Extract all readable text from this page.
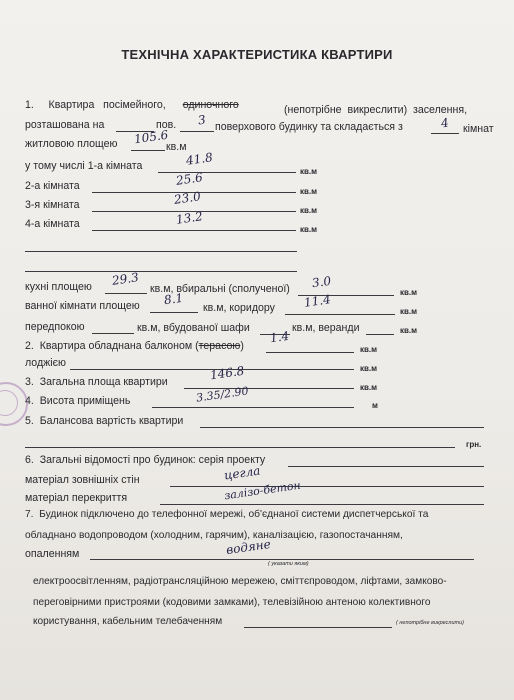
ТЕХНІЧНА ХАРАКТЕРИСТИКА КВАРТИРИ
1.     Квартира   посімейного, одиночного	(непотрібне  викреслити)  заселення,
розташована на	пов. 3 поверхового будинку та складається з	4 кімнат
житловою площею 105.6
кв.м
у тому числі 1-а кімната	41.8
кв.м
2-а кімната	25.6
кв.м
3-я кімната	23.0
кв.м
4-а кімната	13.2
кв.м
кухні площею 29.3
кв.м, вбиральні (сполученої) 3.0
кв.м
ванної кімнати площею 8.1
кв.м, коридору 11.4
кв.м
передпокою	кв.м, вбудованої шафи	кв.м, веранди	кв.м
2.  Квартира обладнана балконом (терасою)
1.4
кв.м
лоджією	кв.м
3.  Загальна площа квартири	146.8
кв.м
4.  Висота приміщень	3.35/2.90
м
5.  Балансова вартість квартири
грн.
6.  Загальні відомості про будинок: серія проекту
матеріал зовнішніх стін	цегла
матеріал перекриття	залізо-бетон
7.  Будинок підключено до телефонної мережі, об'єднаної системи диспетчерської та
обладнано водопроводом (холодним, гарячим), каналізацією, газопостачанням,
опаленням	водяне
( указати яким)
електроосвітленням, радіотрансляційною мережею, сміттєпроводом, ліфтами, замково-
переговірними пристроями (кодовими замками), телевізійною антеною колективного
користування, кабельним телебаченням	( непотрібне викреслити)
